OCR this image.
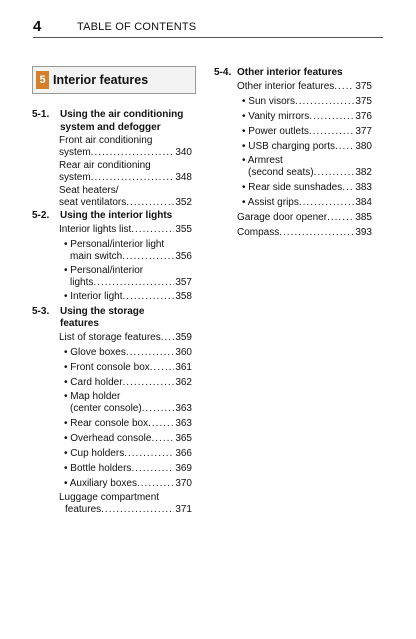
4	TABLE OF CONTENTS
5 Interior features
5-1. Using the air conditioning
system and defogger
Front air conditioning
system .....	340
Rear air conditioning
system .....	348
Seat heaters/
seat ventilators .....	352
5-2. Using the interior lights
Interior lights list .....	355
• Personal/interior light
main switch .....	356
• Personal/interior
lights .....	357
• Interior light .....	358
5-3. Using the storage
features
List of storage features ..... 359
• Glove boxes .....	360
• Front console box .....	361
• Card holder .....	362
• Map holder
(center console) .....	363
• Rear console box .....	363
• Overhead console ..... 365
• Cup holders .....	366
• Bottle holders .....	369
• Auxiliary boxes .....	370
Luggage compartment
features .....	371
5-4. Other interior features
Other interior features ..... 375
• Sun visors .....	375
• Vanity mirrors .....	376
• Power outlets .....	377
• USB charging ports ..... 380
• Armrest
(second seats) .....	382
• Rear side sunshades ..... 383
• Assist grips .....	384
Garage door opener .....	385
Compass .....	393
